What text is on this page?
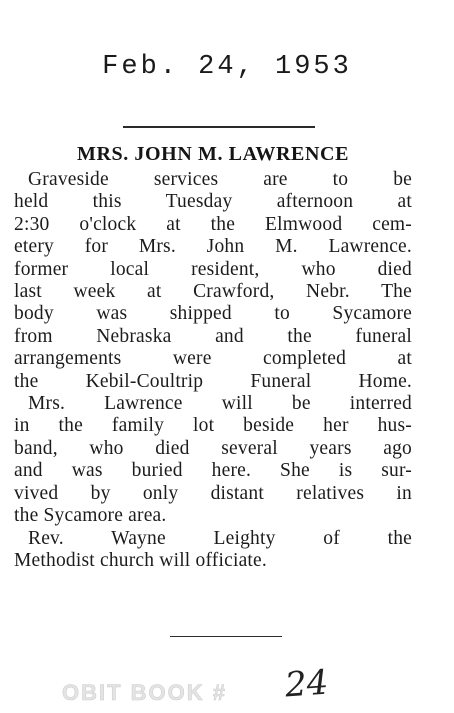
Feb. 24, 1953
MRS. JOHN M. LAWRENCE
Graveside services are to be
held this Tuesday afternoon at
2:30 o'clock at the Elmwood cem-
etery for Mrs. John M. Lawrence.
former local resident, who died
last week at Crawford, Nebr. The
body was shipped to Sycamore
from Nebraska and the funeral
arrangements were completed at
the Kebil-Coultrip Funeral Home.
Mrs. Lawrence will be interred
in the family lot beside her hus-
band, who died several years ago
and was buried here. She is sur-
vived by only distant relatives in
the Sycamore area.
Rev. Wayne Leighty of the
Methodist church will officiate.
OBIT BOOK # 24
